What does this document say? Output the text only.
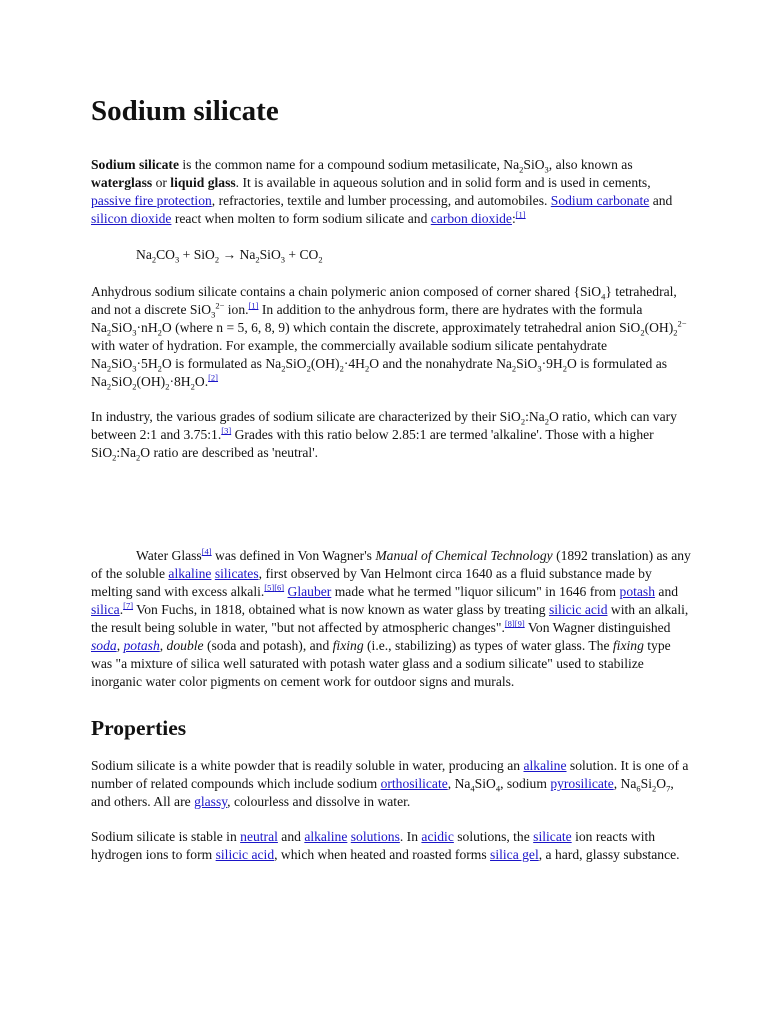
Sodium silicate

Sodium silicate is the common name for a compound sodium metasilicate, $Na_2SiO_3$, also known as waterglass or liquid glass. It is available in aqueous solution and in solid form and is used in cements, passive fire protection, refractories, textile and lumber processing, and automobiles. Sodium carbonate and silicon dioxide react when molten to form sodium silicate and carbon dioxide:[1]

$Na_2CO_3 + SiO_2 \to Na_2SiO_3 + CO_2$

Anhydrous sodium silicate contains a chain polymeric anion composed of corner shared {SiO$_4$} tetrahedral, and not a discrete SiO$_3^{2-}$ ion.[1] In addition to the anhydrous form, there are hydrates with the formula $Na_2SiO_3\cdot nH_2O$ (where n = 5, 6, 8, 9) which contain the discrete, approximately tetrahedral anion $SiO_2(OH)_2^{2-}$ with water of hydration. For example, the commercially available sodium silicate pentahydrate $Na_2SiO_3\cdot 5H_2O$ is formulated as $Na_2SiO_2(OH)_2\cdot 4H_2O$ and the nonahydrate $Na_2SiO_3\cdot 9H_2O$ is formulated as $Na_2SiO_2(OH)_2\cdot 8H_2O.[2]$

In industry, the various grades of sodium silicate are characterized by their $SiO_2:Na_2O$ ratio, which can vary between 2:1 and 3.75:1.[3] Grades with this ratio below 2.85:1 are termed 'alkaline'. Those with a higher $SiO_2:Na_2O$ ratio are described as 'neutral'.

Water Glass[4] was defined in Von Wagner's Manual of Chemical Technology (1892 translation) as any of the soluble alkaline silicates, first observed by Van Helmont circa 1640 as a fluid substance made by melting sand with excess alkali.[5][6] Glauber made what he termed "liquor silicum" in 1646 from potash and silica.[7] Von Fuchs, in 1818, obtained what is now known as water glass by treating silicic acid with an alkali, the result being soluble in water, "but not affected by atmospheric changes".[8][9] Von Wagner distinguished soda, potash, double (soda and potash), and fixing (i.e., stabilizing) as types of water glass. The fixing type was "a mixture of silica well saturated with potash water glass and a sodium silicate" used to stabilize inorganic water color pigments on cement work for outdoor signs and murals.

Properties

Sodium silicate is a white powder that is readily soluble in water, producing an alkaline solution. It is one of a number of related compounds which include sodium orthosilicate, $Na_4SiO_4$, sodium pyrosilicate, $Na_6Si_2O_7$, and others. All are glassy, colourless and dissolve in water.

Sodium silicate is stable in neutral and alkaline solutions. In acidic solutions, the silicate ion reacts with hydrogen ions to form silicic acid, which when heated and roasted forms silica gel, a hard, glassy substance.
